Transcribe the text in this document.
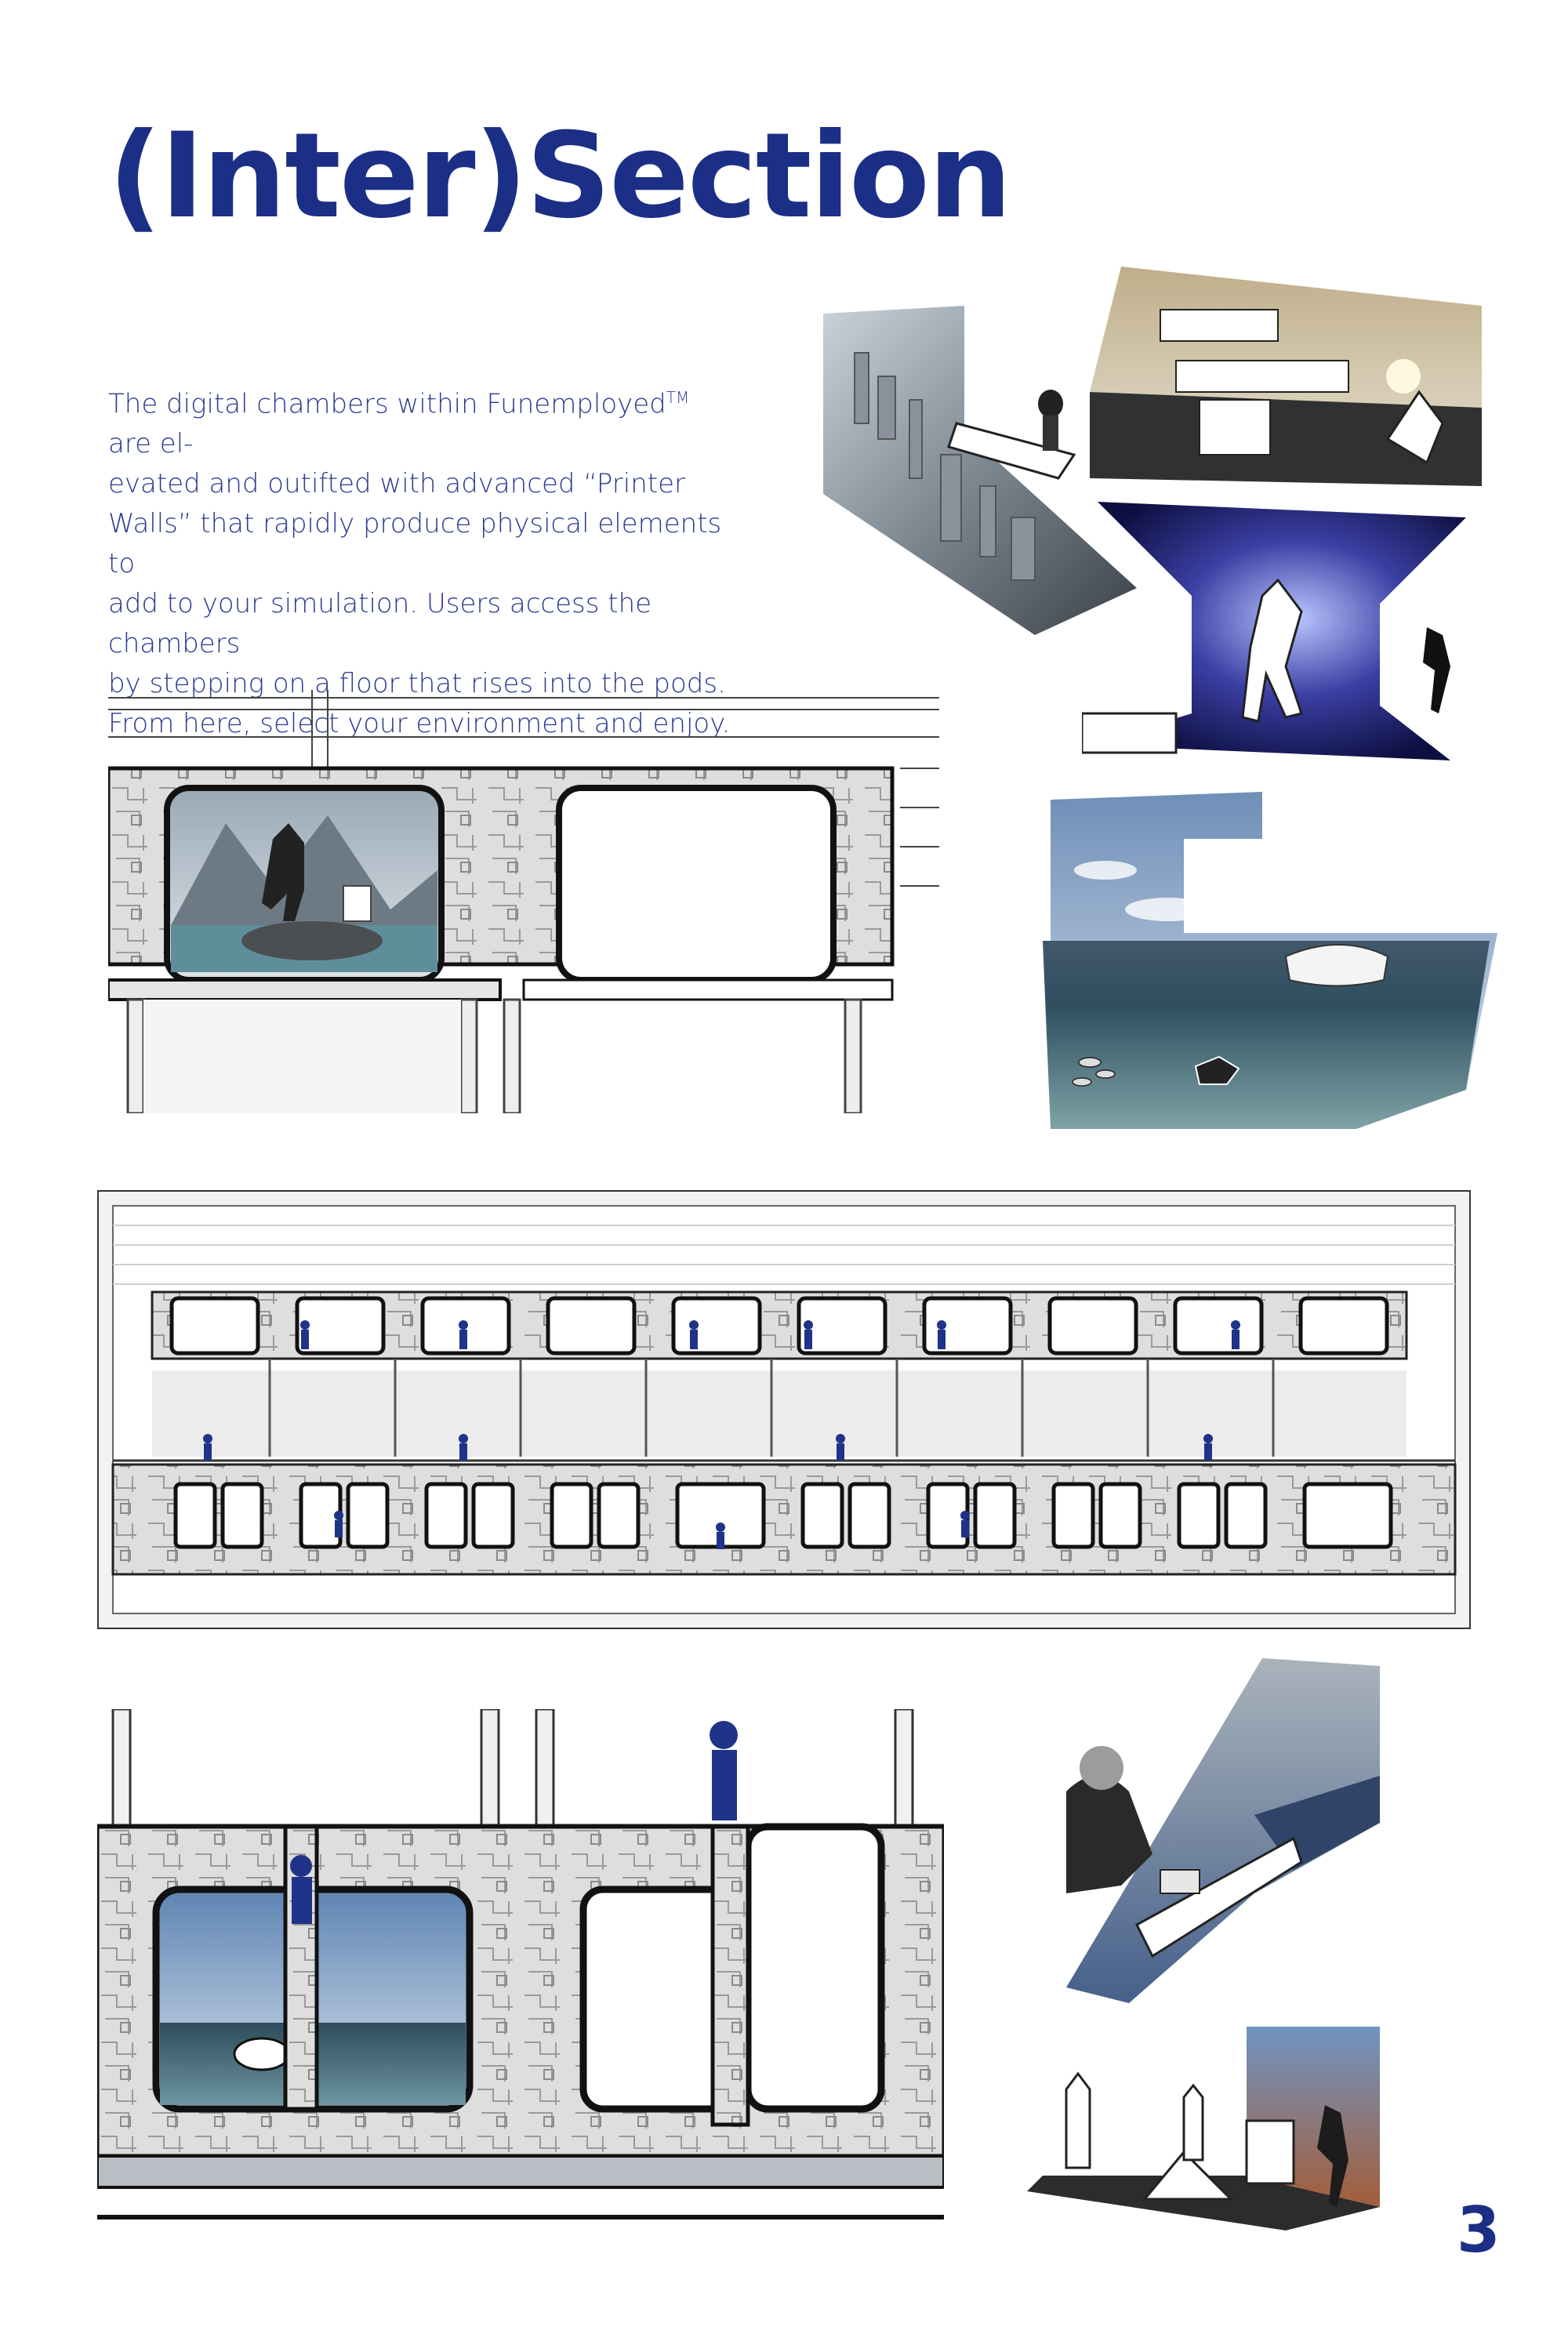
(Inter)Section
The digital chambers within Funemployed™ are el-
evated and outifted with advanced “Printer
Walls” that rapidly produce physical elements to
add to your simulation. Users access the chambers
by stepping on a floor that rises into the pods.
From here, select your environment and enjoy.
3
